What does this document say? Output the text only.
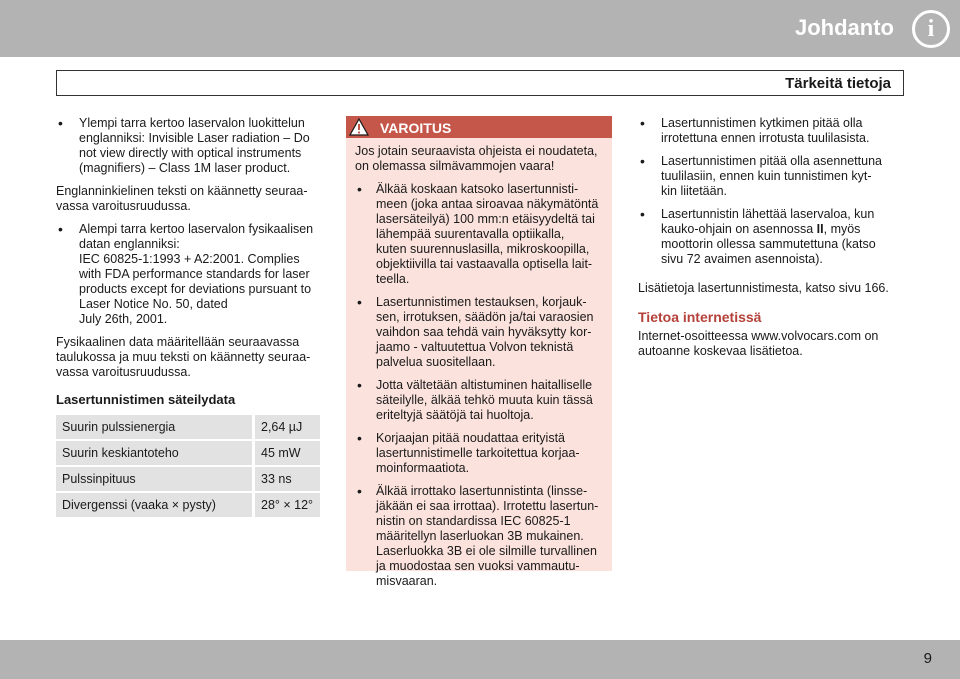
Johdanto	i
Tärkeitä tietoja
• Ylempi tarra kertoo laservalon luokittelun
englanniksi: Invisible Laser radiation – Do
not view directly with optical instruments
(magnifiers) – Class 1M laser product.

Englanninkielinen teksti on käännetty seuraa-
vassa varoitusruudussa.

• Alempi tarra kertoo laservalon fysikaalisen
datan englanniksi:
IEC 60825-1:1993 + A2:2001. Complies
with FDA performance standards for laser
products except for deviations pursuant to
Laser Notice No. 50, dated
July 26th, 2001.

Fysikaalinen data määritellään seuraavassa
taulukossa ja muu teksti on käännetty seuraa-
vassa varoitusruudussa.

Lasertunnistimen säteilydata
Suurin pulssienergia	2,64 µJ
Suurin keskiantoteho	45 mW
Pulssinpituus	33 ns
Divergenssi (vaaka × pysty)	28° × 12°
VAROITUS

Jos jotain seuraavista ohjeista ei noudateta,
on olemassa silmävammojen vaara!

• Älkää koskaan katsoko lasertunnisti-
meen (joka antaa siroavaa näkymätöntä
lasersäteilyä) 100 mm:n etäisyydeltä tai
lähempää suurentavalla optiikalla,
kuten suurennuslasilla, mikroskoopilla,
objektiivilla tai vastaavalla optisella lait-
teella.
• Lasertunnistimen testauksen, korjauk-
sen, irrotuksen, säädön ja/tai varaosien
vaihdon saa tehdä vain hyväksytty kor-
jaamo - valtuutettua Volvon teknistä
palvelua suositellaan.
• Jotta vältetään altistuminen haitalliselle
säteilylle, älkää tehkö muuta kuin tässä
eriteltyjä säätöjä tai huoltoja.
• Korjaajan pitää noudattaa erityistä
lasertunnistimelle tarkoitettua korjaa-
moinformaatiota.
• Älkää irrottako lasertunnistinta (linsse-
jäkään ei saa irrottaa). Irrotettu lasertun-
nistin on standardissa IEC 60825-1
määritellyn laserluokan 3B mukainen.
Laserluokka 3B ei ole silmille turvallinen
ja muodostaa sen vuoksi vammautu-
misvaaran.
• Lasertunnistimen kytkimen pitää olla
irrotettuna ennen irrotusta tuulilasista.
• Lasertunnistimen pitää olla asennettuna
tuulilasiin, ennen kuin tunnistimen kyt-
kin liitetään.
• Lasertunnistin lähettää laservaloa, kun
kauko-ohjain on asennossa II, myös
moottorin ollessa sammutettuna (katso
sivu 72 avaimen asennoista).

Lisätietoja lasertunnistimesta, katso sivu 166.

Tietoa internetissä

Internet-osoitteessa www.volvocars.com on
autoanne koskevaa lisätietoa.

9
